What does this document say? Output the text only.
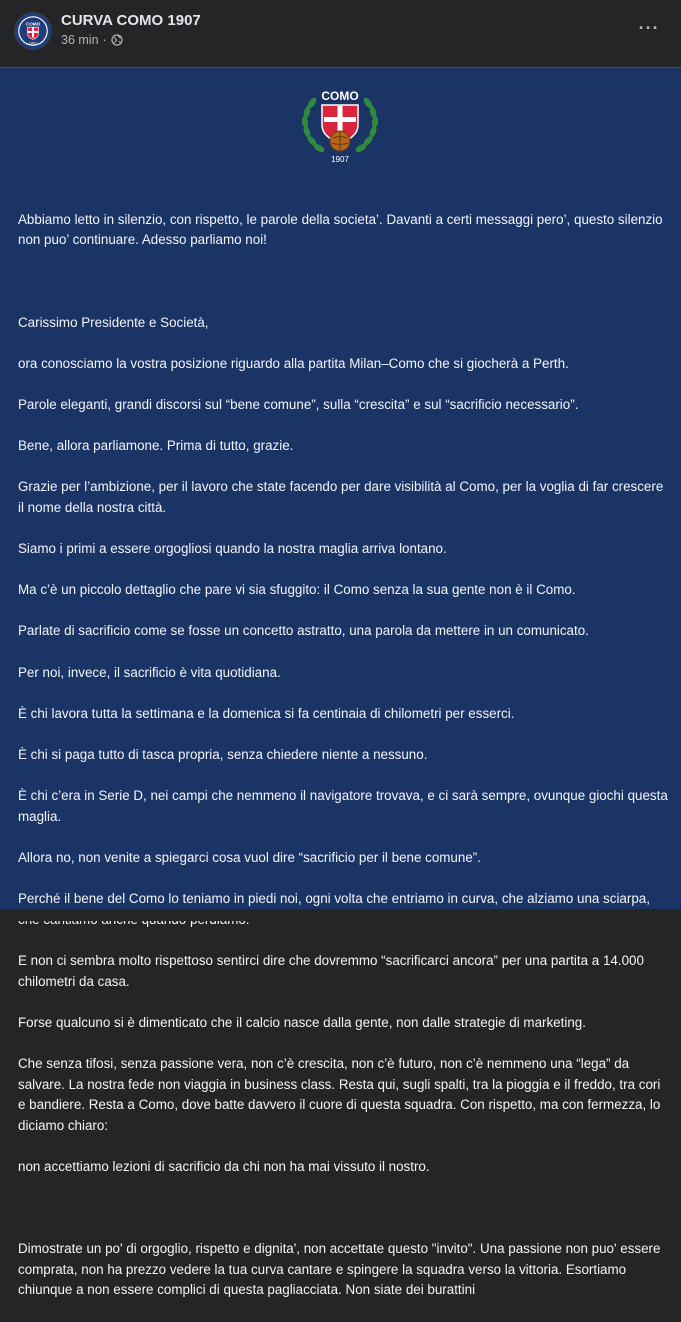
COMO
1907
CURVA COMO 1907
36 min ·
···
COMO
1907

Abbiamo letto in silenzio, con rispetto, le parole della societa’. Davanti a certi messaggi pero’, questo silenzio non puo’ continuare. Adesso parliamo noi!

Carissimo Presidente e Società,

ora conosciamo la vostra posizione riguardo alla partita Milan–Como che si giocherà a Perth.

Parole eleganti, grandi discorsi sul “bene comune”, sulla “crescita” e sul “sacrificio necessario”.

Bene, allora parliamone. Prima di tutto, grazie.

Grazie per l’ambizione, per il lavoro che state facendo per dare visibilità al Como, per la voglia di far crescere il nome della nostra città.

Siamo i primi a essere orgogliosi quando la nostra maglia arriva lontano.

Ma c’è un piccolo dettaglio che pare vi sia sfuggito: il Como senza la sua gente non è il Como.

Parlate di sacrificio come se fosse un concetto astratto, una parola da mettere in un comunicato.

Per noi, invece, il sacrificio è vita quotidiana.

È chi lavora tutta la settimana e la domenica si fa centinaia di chilometri per esserci.

È chi si paga tutto di tasca propria, senza chiedere niente a nessuno.

È chi c’era in Serie D, nei campi che nemmeno il navigatore trovava, e ci sarà sempre, ovunque giochi questa maglia.

Allora no, non venite a spiegarci cosa vuol dire “sacrificio per il bene comune”.

Perché il bene del Como lo teniamo in piedi noi, ogni volta che entriamo in curva, che alziamo una sciarpa,

E non ci sembra molto rispettoso sentirci dire che dovremmo “sacrificarci ancora” per una partita a 14.000 chilometri da casa.

Forse qualcuno si è dimenticato che il calcio nasce dalla gente, non dalle strategie di marketing.

Che senza tifosi, senza passione vera, non c’è crescita, non c’è futuro, non c’è nemmeno una “lega” da salvare. La nostra fede non viaggia in business class. Resta qui, sugli spalti, tra la pioggia e il freddo, tra cori e bandiere. Resta a Como, dove batte davvero il cuore di questa squadra. Con rispetto, ma con fermezza, lo diciamo chiaro:

non accettiamo lezioni di sacrificio da chi non ha mai vissuto il nostro.

Dimostrate un po' di orgoglio, rispetto e dignita', non accettate questo "invito". Una passione non puo' essere comprata, non ha prezzo vedere la tua curva cantare e spingere la squadra verso la vittoria. Esortiamo chiunque a non essere complici di questa pagliacciata. Non siate dei burattini
